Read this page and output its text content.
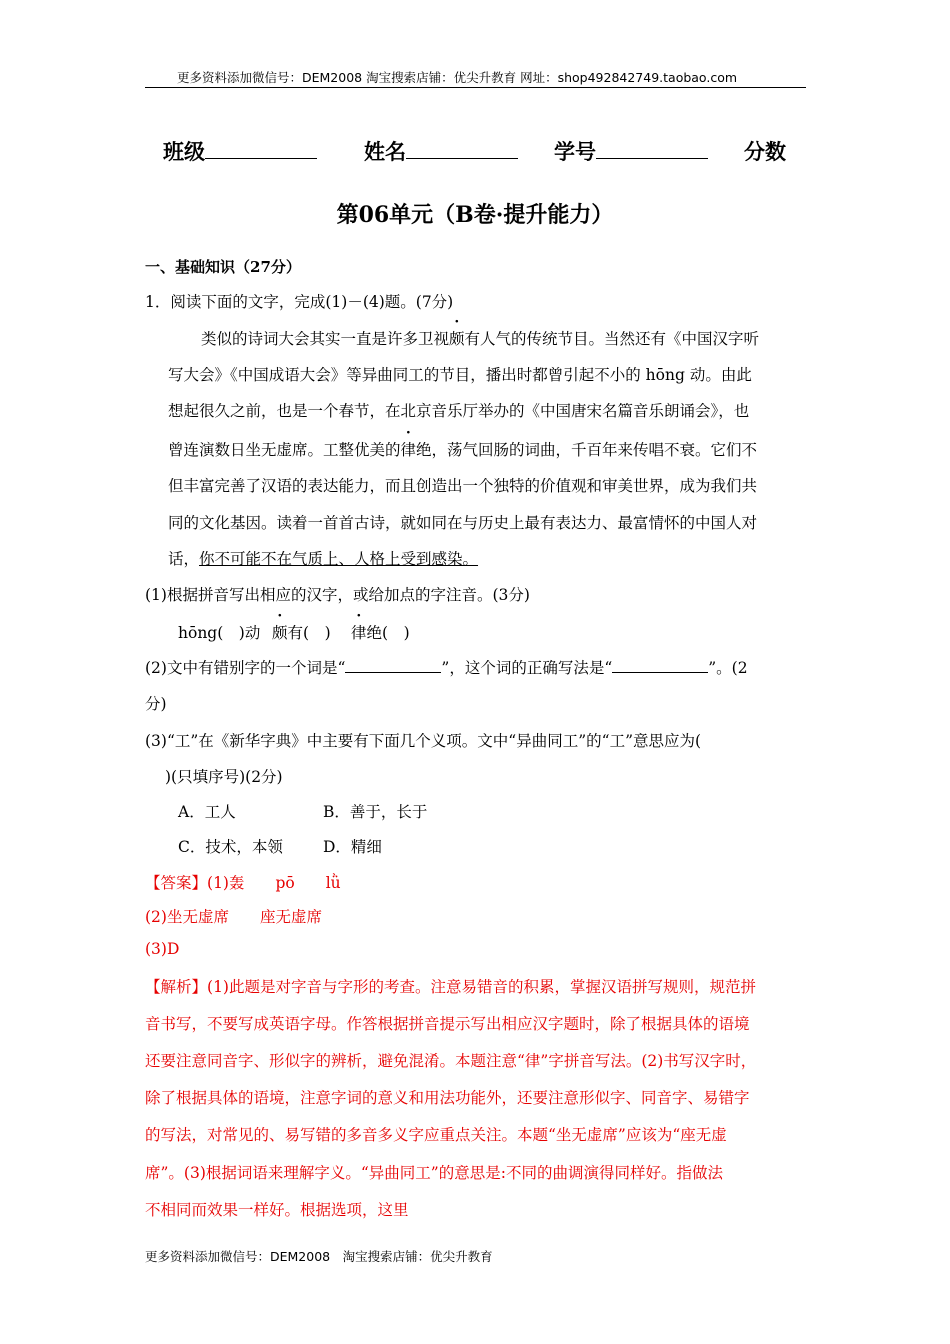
更多资料添加微信号：DEM2008 淘宝搜索店铺：优尖升教育 网址：shop492842749.taobao.com
班级	姓名	学号	分数
第06单元（B卷·提升能力）
一、基础知识（27分）
1．阅读下面的文字，完成(1)－(4)题。(7分)
类似的诗词大会其实一直是许多卫视颇有人气的传统节目。当然还有《中国汉字听
写大会》《中国成语大会》等异曲同工的节目，播出时都曾引起不小的 hōng 动。由此
想起很久之前，也是一个春节，在北京音乐厅举办的《中国唐宋名篇音乐朗诵会》，也
曾连演数日坐无虚席。工整优美的律绝，荡气回肠的词曲，千百年来传唱不衰。它们不
但丰富完善了汉语的表达能力，而且创造出一个独特的价值观和审美世界，成为我们共
同的文化基因。读着一首首古诗，就如同在与历史上最有表达力、最富情怀的中国人对
话，你不可能不在气质上、人格上受到感染。
(1)根据拼音写出相应的汉字，或给加点的字注音。(3分)
hōng(　)动 颇有(　) 律绝(　)
(2)文中有错别字的一个词是“	”，这个词的正确写法是“	”。(2
分)
(3)“工”在《新华字典》中主要有下面几个义项。文中“异曲同工”的“工”意思应为(
)(只填序号)(2分)
A．工人	B．善于，长于
C．技术，本领	D．精细
【答案】(1)轰　　pō　　lǜ
(2)坐无虚席　　座无虚席
(3)D
【解析】(1)此题是对字音与字形的考查。注意易错音的积累，掌握汉语拼写规则，规范拼
音书写，不要写成英语字母。作答根据拼音提示写出相应汉字题时，除了根据具体的语境
还要注意同音字、形似字的辨析，避免混淆。本题注意“律”字拼音写法。(2)书写汉字时，
除了根据具体的语境，注意字词的意义和用法功能外，还要注意形似字、同音字、易错字
的写法，对常见的、易写错的多音多义字应重点关注。本题“坐无虚席”应该为“座无虚
席”。(3)根据词语来理解字义。“异曲同工”的意思是:不同的曲调演得同样好。指做法
不相同而效果一样好。根据选项，这里
更多资料添加微信号：DEM2008　淘宝搜索店铺：优尖升教育
